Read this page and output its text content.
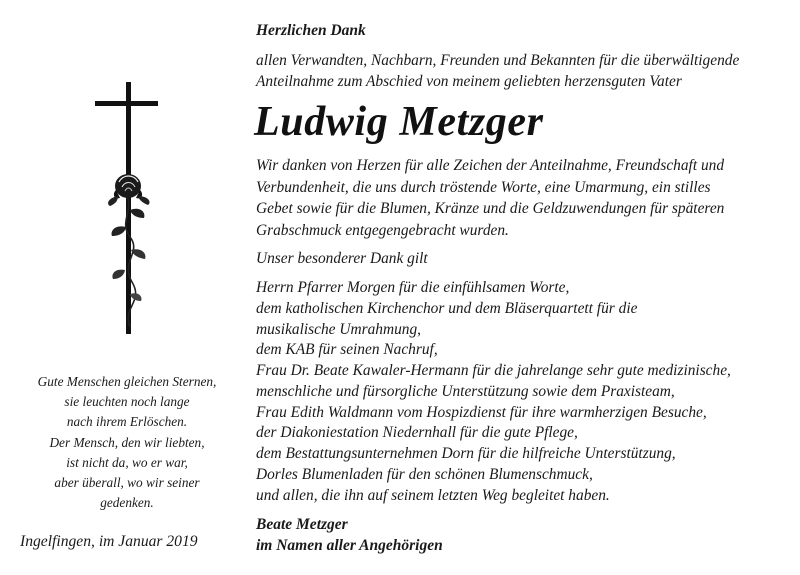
Gute Menschen gleichen Sternen,
sie leuchten noch lange
nach ihrem Erlöschen.
Der Mensch, den wir liebten,
ist nicht da, wo er war,
aber überall, wo wir seiner
gedenken.
Ingelfingen, im Januar 2019
Herzlichen Dank
allen Verwandten, Nachbarn, Freunden und Bekannten für die überwältigende
Anteilnahme zum Abschied von meinem geliebten herzensguten Vater
Ludwig Metzger
Wir danken von Herzen für alle Zeichen der Anteilnahme, Freundschaft und
Verbundenheit, die uns durch tröstende Worte, eine Umarmung, ein stilles
Gebet sowie für die Blumen, Kränze und die Geldzuwendungen für späteren
Grabschmuck entgegengebracht wurden.
Unser besonderer Dank gilt
Herrn Pfarrer Morgen für die einfühlsamen Worte,
dem katholischen Kirchenchor und dem Bläserquartett für die
musikalische Umrahmung,
dem KAB für seinen Nachruf,
Frau Dr. Beate Kawaler-Hermann für die jahrelange sehr gute medizinische,
menschliche und fürsorgliche Unterstützung sowie dem Praxisteam,
Frau Edith Waldmann vom Hospizdienst für ihre warmherzigen Besuche,
der Diakoniestation Niedernhall für die gute Pflege,
dem Bestattungsunternehmen Dorn für die hilfreiche Unterstützung,
Dorles Blumenladen für den schönen Blumenschmuck,
und allen, die ihn auf seinem letzten Weg begleitet haben.
Beate Metzger
im Namen aller Angehörigen
